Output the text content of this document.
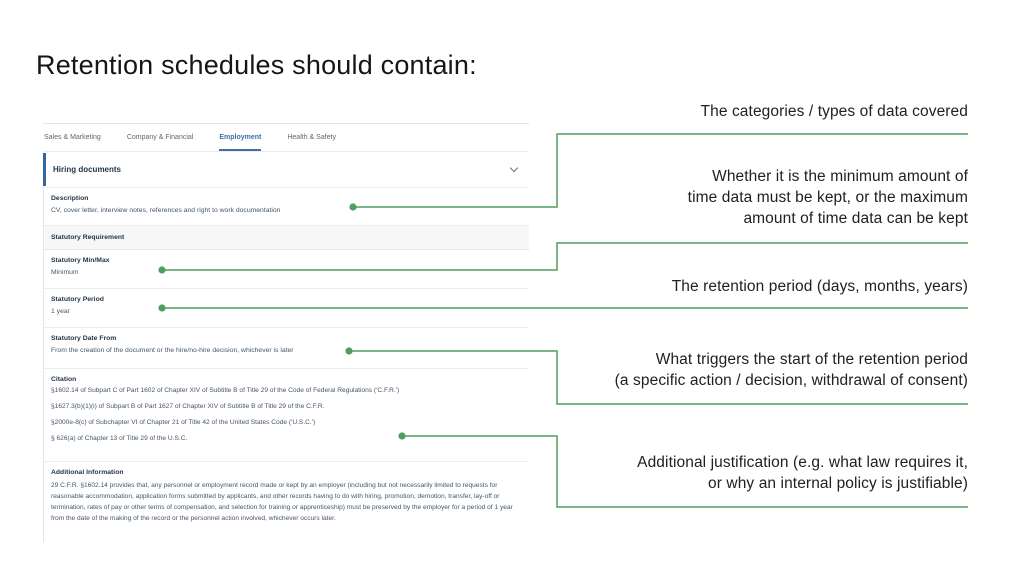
Retention schedules should contain:
Sales & Marketing	Company & Financial	Employment	Health & Safety
Hiring documents
Description
CV, cover letter, interview notes, references and right to work documentation
Statutory Requirement
Statutory Min/Max
Minimum
Statutory Period
1 year
Statutory Date From
From the creation of the document or the hire/no-hire decision, whichever is later
Citation
§1602.14 of Subpart C of Part 1602 of Chapter XIV of Subtitle B of Title 29 of the Code of Federal Regulations ('C.F.R.')
§1627.3(b)(1)(i) of Subpart B of Part 1627 of Chapter XIV of Subtitle B of Title 29 of the C.F.R.
§2000e-8(c) of Subchapter VI of Chapter 21 of Title 42 of the United States Code ('U.S.C.')
§ 626(a) of Chapter 13 of Title 29 of the U.S.C.
Additional Information
29 C.F.R. §1602.14 provides that, any personnel or employment record made or kept by an employer (including but not necessarily limited to requests for reasonable accommodation, application forms submitted by applicants, and other records having to do with hiring, promotion, demotion, transfer, lay-off or termination, rates of pay or other terms of compensation, and selection for training or apprenticeship) must be preserved by the employer for a period of 1 year from the date of the making of the record or the personnel action involved, whichever occurs later.
The categories / types of data covered
Whether it is the minimum amount of
time data must be kept, or the maximum
amount of time data can be kept
The retention period (days, months, years)
What triggers the start of the retention period
(a specific action / decision, withdrawal of consent)
Additional justification (e.g. what law requires it,
or why an internal policy is justifiable)
